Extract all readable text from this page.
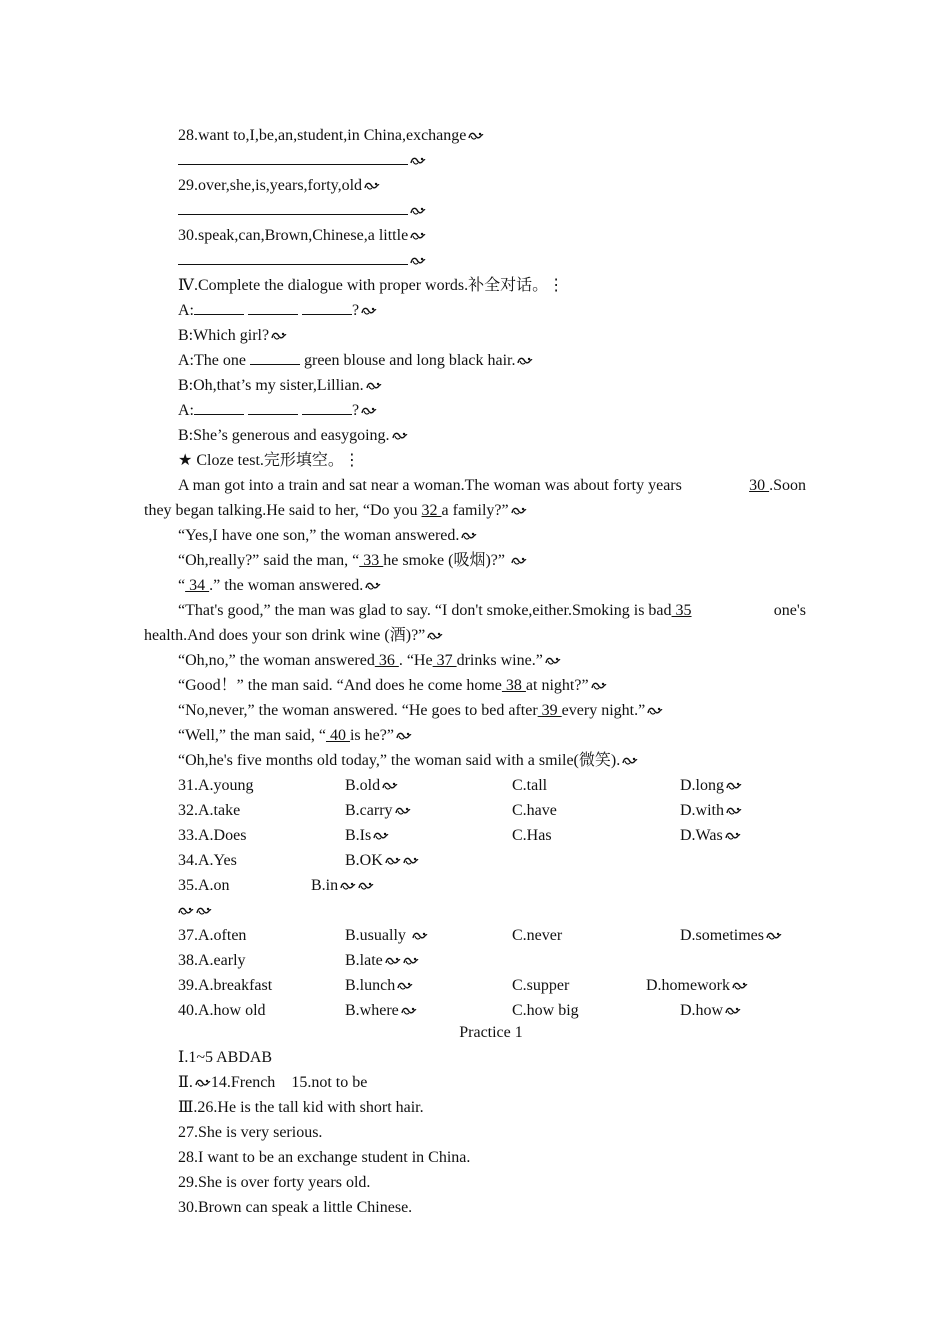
28.want to,I,be,an,student,in China,exchange
29.over,she,is,years,forty,old
30.speak,can,Brown,Chinese,a little
Ⅳ.Complete the dialogue with proper words.补全对话。⋮
A:	?
B:Which girl?
A:The one	green blouse and long black hair.
B:Oh,that’s my sister,Lillian.
A:	?
B:She’s generous and easygoing.
★ Cloze test.完形填空。⋮
A man got into a train and sat near a woman.The woman was about forty years	30 .Soon
they began talking.He said to her, “Do you 32 a family?”
“Yes,I have one son,” the woman answered.
“Oh,really?” said the man, “ 33 he smoke (吸烟)?”
“ 34 .” the woman answered.
“That's good,” the man was glad to say. “I don't smoke,either.Smoking is bad 35	one's
health.And does your son drink wine (酒)?”
“Oh,no,” the woman answered 36 . “He 37 drinks wine.”
“Good！” the man said. “And does he come home 38 at night?”
“No,never,” the woman answered. “He goes to bed after 39 every night.”
“Well,” the man said, “ 40 is he?”
“Oh,he's five months old today,” the woman said with a smile(微笑).
31.A.young	B.old	C.tall	D.long
32.A.take	B.carry	C.have	D.with
33.A.Does	B.Is	C.Has	D.Was
34.A.Yes	B.OK
35.A.on	B.in
37.A.often	B.usually	C.never	D.sometimes
38.A.early	B.late
39.A.breakfast	B.lunch	C.supper	D.homework
40.A.how old	B.where	C.how big	D.how
Practice 1
Ⅰ.1~5 ABDAB
Ⅱ. 14.French 15.not to be
Ⅲ.26.He is the tall kid with short hair.
27.She is very serious.
28.I want to be an exchange student in China.
29.She is over forty years old.
30.Brown can speak a little Chinese.
